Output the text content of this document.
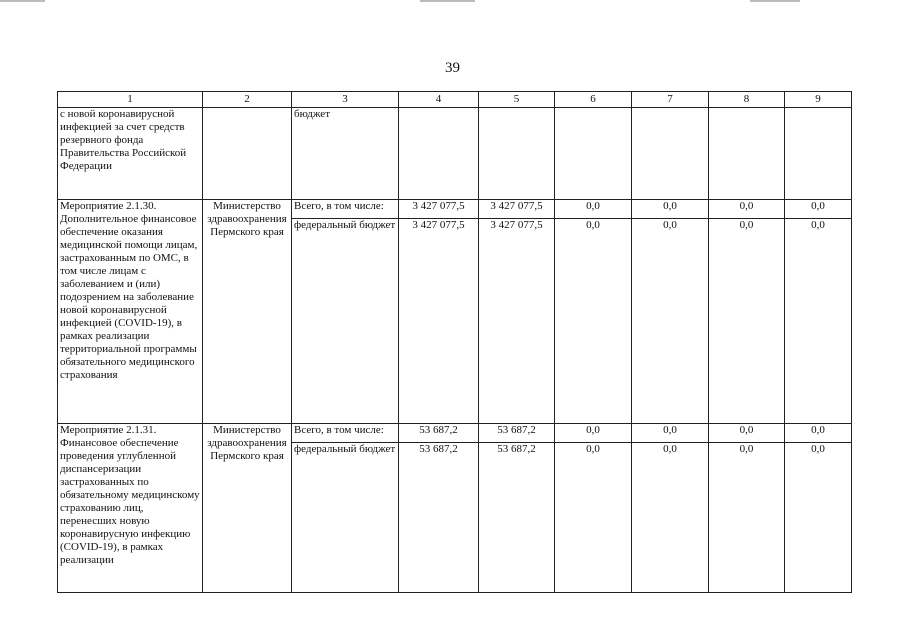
39
1	2	3	4	5	6	7	8	9
с новой коронавирусной инфекцией за счет средств резервного фонда Правительства Российской Федерации		бюджет						
Мероприятие 2.1.30. Дополнительное финансовое обеспечение оказания медицинской помощи лицам, застрахованным по ОМС, в том числе лицам с заболеванием и (или) подозрением на заболевание новой коронавирусной инфекцией (COVID-19), в рамках реализации территориальной программы обязательного медицинского страхования	Министерство здравоохранения Пермского края	Всего, в том числе:	3 427 077,5	3 427 077,5	0,0	0,0	0,0	0,0
		федеральный бюджет	3 427 077,5	3 427 077,5	0,0	0,0	0,0	0,0
Мероприятие 2.1.31. Финансовое обеспечение проведения углубленной диспансеризации застрахованных по обязательному медицинскому страхованию лиц, перенесших новую коронавирусную инфекцию (COVID-19), в рамках реализации	Министерство здравоохранения Пермского края	Всего, в том числе:	53 687,2	53 687,2	0,0	0,0	0,0	0,0
		федеральный бюджет	53 687,2	53 687,2	0,0	0,0	0,0	0,0
